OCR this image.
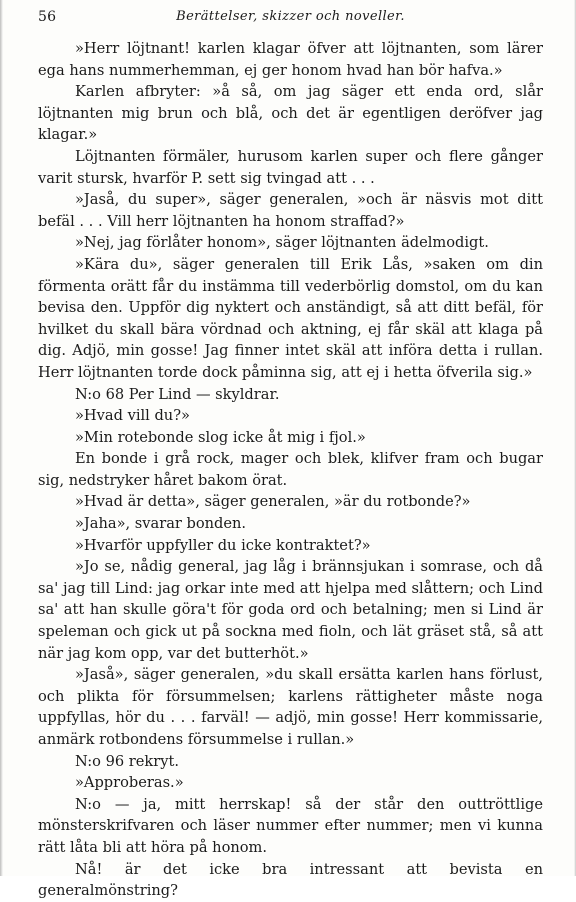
56	Berättelser, skizzer och noveller.

»Herr löjtnant! karlen klagar öfver att löjtnanten, som lärer ega hans nummerhemman, ej ger honom hvad han bör hafva.»

Karlen afbryter: »å så, om jag säger ett enda ord, slår löjtnanten mig brun och blå, och det är egentligen deröfver jag klagar.»

Löjtnanten förmäler, hurusom karlen super och flere gånger varit stursk, hvarför P. sett sig tvingad att . . .

»Jaså, du super», säger generalen, »och är näsvis mot ditt befäl . . . Vill herr löjtnanten ha honom straffad?»

»Nej, jag förlåter honom», säger löjtnanten ädelmodigt.

»Kära du», säger generalen till Erik Lås, »saken om din förmenta orätt får du instämma till vederbörlig domstol, om du kan bevisa den. Uppför dig nyktert och anständigt, så att ditt befäl, för hvilket du skall bära vördnad och aktning, ej får skäl att klaga på dig. Adjö, min gosse! Jag finner intet skäl att införa detta i rullan. Herr löjtnanten torde dock påminna sig, att ej i hetta öfverila sig.»

N:o 68 Per Lind — skyldrar.

»Hvad vill du?»

»Min rotebonde slog icke åt mig i fjol.»

En bonde i grå rock, mager och blek, klifver fram och bugar sig, nedstryker håret bakom örat.

»Hvad är detta», säger generalen, »är du rotbonde?»

»Jaha», svarar bonden.

»Hvarför uppfyller du icke kontraktet?»

»Jo se, nådig general, jag låg i brännsjukan i somrase, och då sa' jag till Lind: jag orkar inte med att hjelpa med slåttern; och Lind sa' att han skulle göra't för goda ord och betalning; men si Lind är speleman och gick ut på sockna med fioln, och lät gräset stå, så att när jag kom opp, var det butterhöt.»

»Jaså», säger generalen, »du skall ersätta karlen hans förlust, och plikta för försummelsen; karlens rättigheter måste noga uppfyllas, hör du . . . farväl! — adjö, min gosse! Herr kommissarie, anmärk rotbondens försummelse i rullan.»

N:o 96 rekryt.

»Approberas.»

N:o — ja, mitt herrskap! så der står den outtröttlige mönsterskrifvaren och läser nummer efter nummer; men vi kunna rätt låta bli att höra på honom.

Nå! är det icke bra intressant att bevista en generalmönstring?
